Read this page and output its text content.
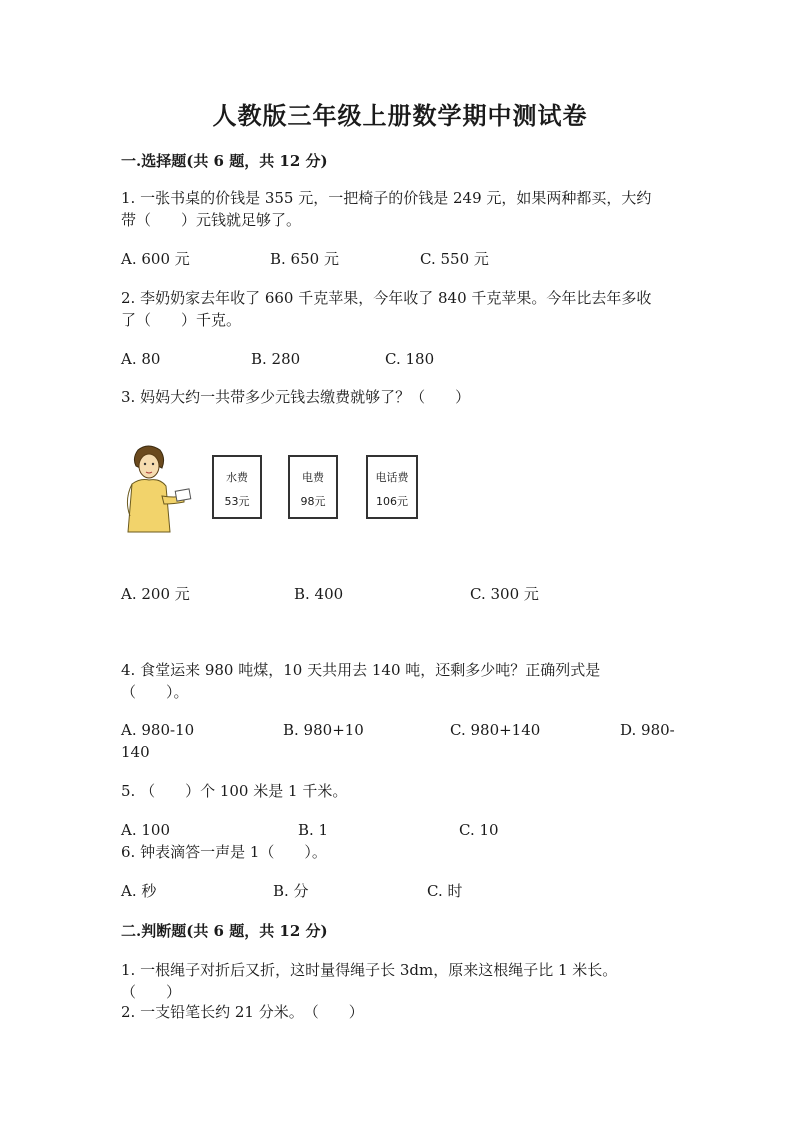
人教版三年级上册数学期中测试卷
一.选择题(共 6 题，共 12 分)
1. 一张书桌的价钱是 355 元，一把椅子的价钱是 249 元，如果两种都买，大约
带（　　）元钱就足够了。
A. 600 元	B. 650 元	C. 550 元
2. 李奶奶家去年收了 660 千克苹果，今年收了 840 千克苹果。今年比去年多收
了（　　）千克。
A. 80	B. 280	C. 180
3. 妈妈大约一共带多少元钱去缴费就够了？（　　）
水费
53元
电费
98元
电话费
106元
A. 200 元	B. 400	C. 300 元
4. 食堂运来 980 吨煤，10 天共用去 140 吨，还剩多少吨？正确列式是
（　　）。
A. 980-10	B. 980+10	C. 980+140	D. 980-
140
5. （　　）个 100 米是 1 千米。
A. 100	B. 1	C. 10
6. 钟表滴答一声是 1（　　）。
A. 秒	B. 分	C. 时
二.判断题(共 6 题，共 12 分)
1. 一根绳子对折后又折，这时量得绳子长 3dm，原来这根绳子比 1 米长。
（　　）
2. 一支铅笔长约 21 分米。　（　　）
